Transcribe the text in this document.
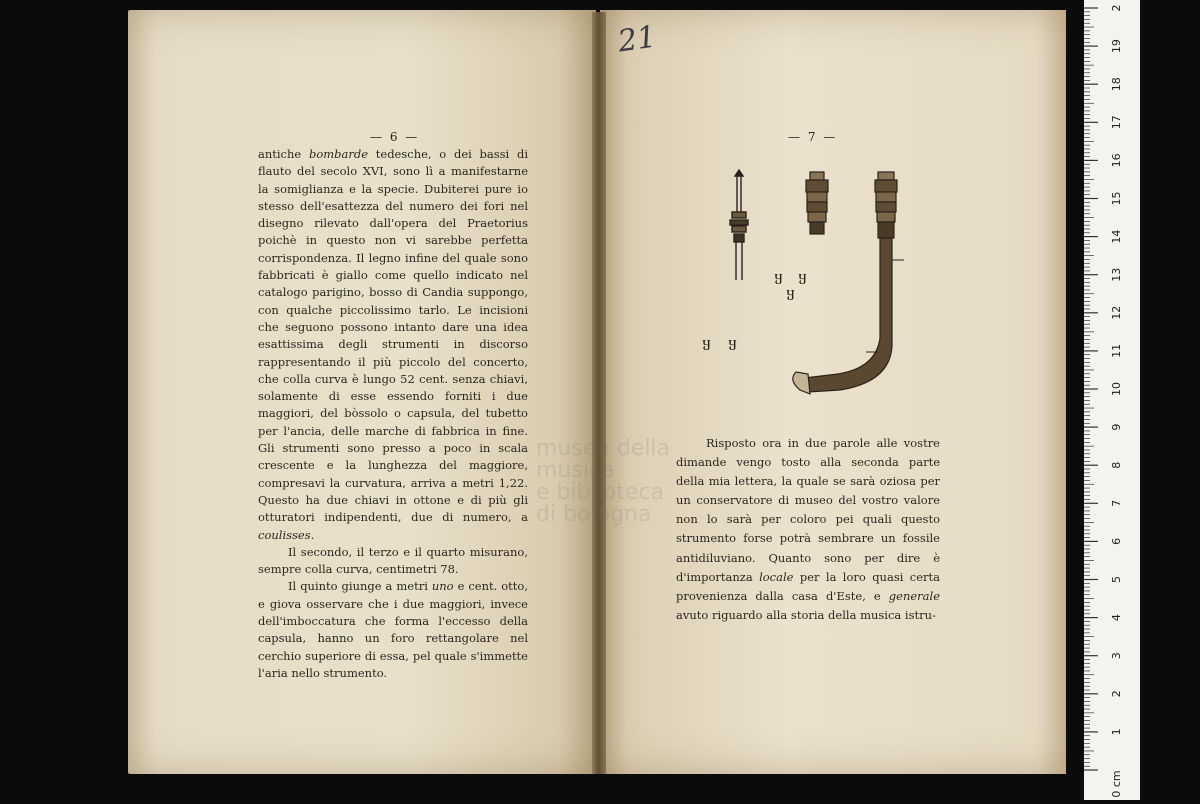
— 6 —	— 7 —
21

antiche bombarde tedesche, o dei bassi di flauto del secolo XVI, sono lì a manifestarne la somiglianza e la specie. Dubiterei pure io stesso dell'esattezza del numero dei fori nel disegno rilevato dall'opera del Praetorius poichè in questo non vi sarebbe perfetta corrispondenza. Il legno infine del quale sono fabbricati è giallo come quello indicato nel catalogo parigino, bosso di Candia suppongo, con qualche piccolissimo tarlo. Le incisioni che seguono possono intanto dare una idea esattissima degli strumenti in discorso rappresentando il più piccolo del concerto, che colla curva è lungo 52 cent. senza chiavi, solamente di esse essendo forniti i due maggiori, del bòssolo o capsula, del tubetto per l'ancia, delle marche di fabbrica in fine. Gli strumenti sono presso a poco in scala crescente e la lunghezza del maggiore, compresavi la curvatura, arriva a metri 1,22. Questo ha due chiavi in ottone e di più gli otturatori indipendenti, due di numero, a coulisses.

Il secondo, il terzo e il quarto misurano, sempre colla curva, centimetri 78.

Il quinto giunge a metri uno e cent. otto, e giova osservare che i due maggiori, invece dell'imboccatura che forma l'eccesso della capsula, hanno un foro rettangolare nel cerchio superiore di essa, pel quale s'immette l'aria nello strumento.

Ⴘ Ⴘ
Ⴘ
Ⴘ Ⴘ

Risposto ora in due parole alle vostre dimande vengo tosto alla seconda parte della mia lettera, la quale se sarà oziosa per un conservatore di museo del vostro valore non lo sarà per coloro pei quali questo strumento forse potrà sembrare un fossile antidiluviano. Quanto sono per dire è d'importanza locale per la loro quasi certa provenienza dalla casa d'Este, e generale avuto riguardo alla storia della musica istru-

museo della musica
e biblioteca
di bologna
0 cm
1
2
3
4
5
6
7
8
9
10
11
12
13
14
15
16
17
18
19
2
